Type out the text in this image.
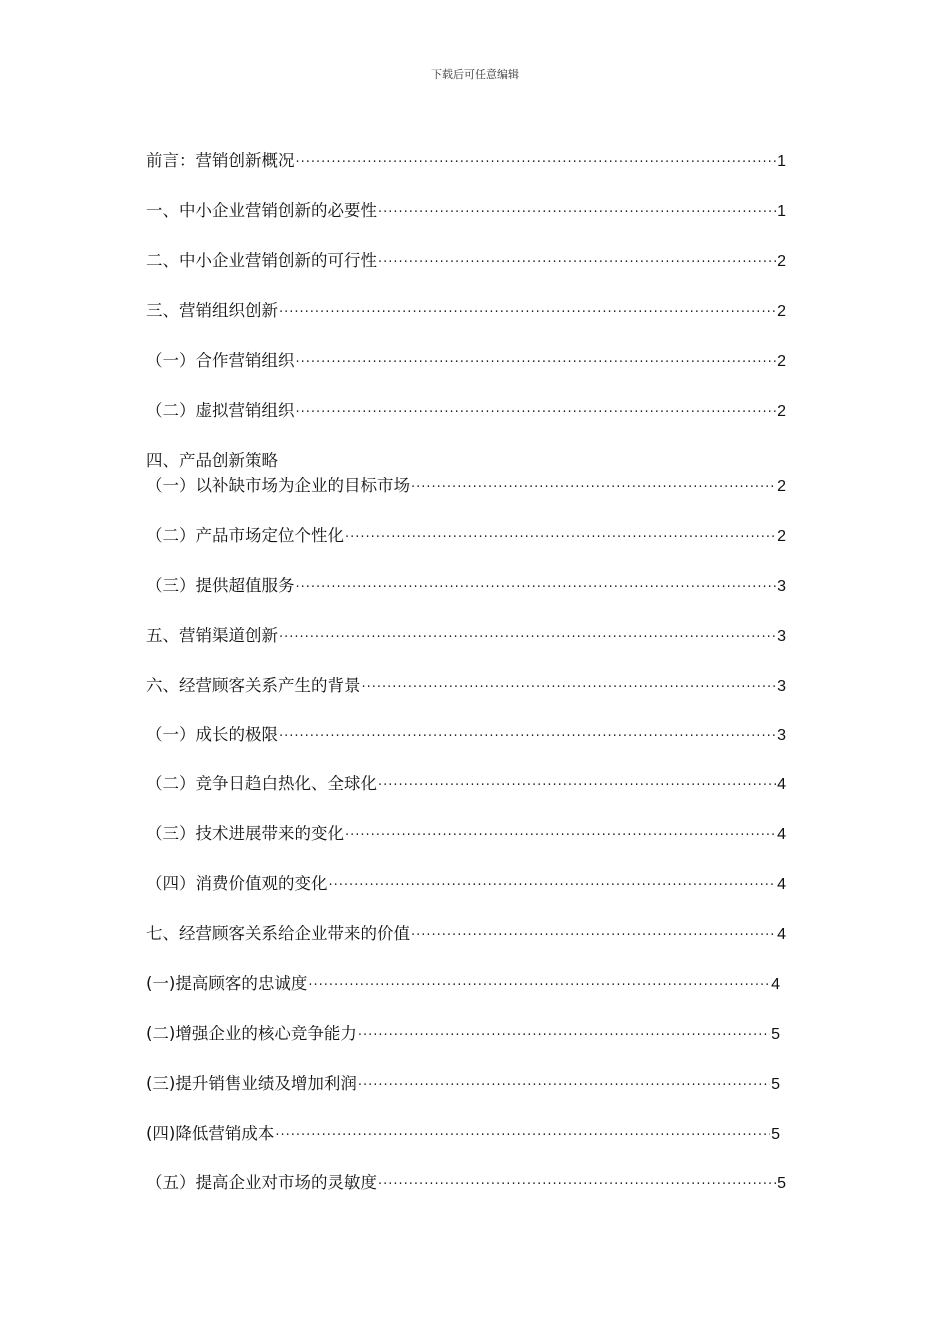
下载后可任意编辑
前言：营销创新概况 ·····	1
一、中小企业营销创新的必要性 ·····	1
二、中小企业营销创新的可行性 ·····	2
三、营销组织创新 ·····	2
（一）合作营销组织 ·····	2
（二）虚拟营销组织 ·····	2
四、产品创新策略
（一）以补缺市场为企业的目标市场 ·····	2
（二）产品市场定位个性化 ·····	2
（三）提供超值服务 ·····	3
五、营销渠道创新 ·····	3
六、经营顾客关系产生的背景 ·····	3
（一）成长的极限 ·····	3
（二）竞争日趋白热化、全球化 ·····	4
（三）技术进展带来的变化 ·····	4
（四）消费价值观的变化 ·····	4
七、经营顾客关系给企业带来的价值 ·····	4
(一)提高顾客的忠诚度 ·····	4
(二)增强企业的核心竞争能力 ·····	5
(三)提升销售业绩及增加利润 ·····	5
(四)降低营销成本 ·····	5
（五）提高企业对市场的灵敏度 ·····	5
